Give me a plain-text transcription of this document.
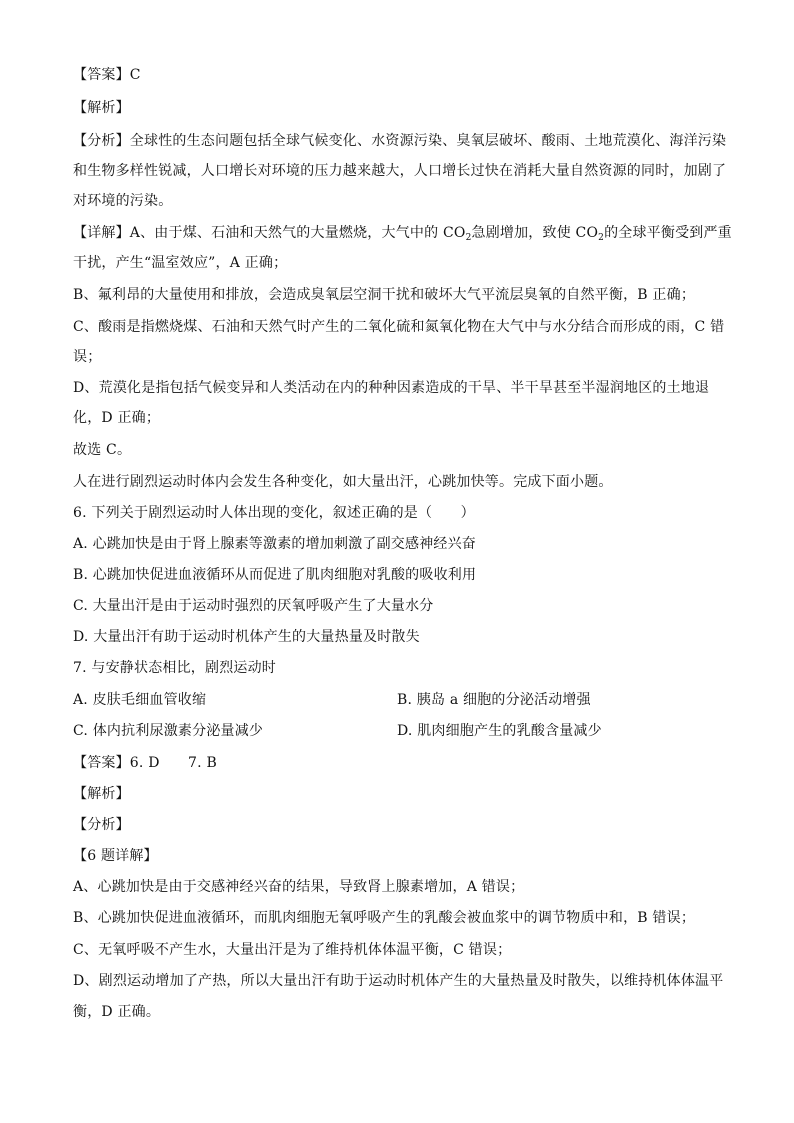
【答案】C
【解析】
【分析】全球性的生态问题包括全球气候变化、水资源污染、臭氧层破坏、酸雨、土地荒漠化、海洋污染
和生物多样性锐减，人口增长对环境的压力越来越大，人口增长过快在消耗大量自然资源的同时，加剧了
对环境的污染。
【详解】A、由于煤、石油和天然气的大量燃烧，大气中的 $CO_2$急剧增加，致使 $CO_2$的全球平衡受到严重
干扰，产生“温室效应”，A 正确；
B、氟利昂的大量使用和排放，会造成臭氧层空洞干扰和破坏大气平流层臭氧的自然平衡，B 正确；
C、酸雨是指燃烧煤、石油和天然气时产生的二氧化硫和氮氧化物在大气中与水分结合而形成的雨，C 错
误；
D、荒漠化是指包括气候变异和人类活动在内的种种因素造成的干旱、半干旱甚至半湿润地区的土地退
化，D 正确；
故选 C。
人在进行剧烈运动时体内会发生各种变化，如大量出汗，心跳加快等。完成下面小题。
6. 下列关于剧烈运动时人体出现的变化，叙述正确的是（　　）
A. 心跳加快是由于肾上腺素等激素的增加刺激了副交感神经兴奋
B. 心跳加快促进血液循环从而促进了肌肉细胞对乳酸的吸收利用
C. 大量出汗是由于运动时强烈的厌氧呼吸产生了大量水分
D. 大量出汗有助于运动时机体产生的大量热量及时散失
7. 与安静状态相比，剧烈运动时
A. 皮肤毛细血管收缩	B. 胰岛 a 细胞的分泌活动增强
C. 体内抗利尿激素分泌量减少	D. 肌肉细胞产生的乳酸含量减少
【答案】6. D　　7. B
【解析】
【分析】
【6 题详解】
A、心跳加快是由于交感神经兴奋的结果，导致肾上腺素增加，A 错误；
B、心跳加快促进血液循环，而肌肉细胞无氧呼吸产生的乳酸会被血浆中的调节物质中和，B 错误；
C、无氧呼吸不产生水，大量出汗是为了维持机体体温平衡，C 错误；
D、剧烈运动增加了产热，所以大量出汗有助于运动时机体产生的大量热量及时散失，以维持机体体温平
衡，D 正确。
